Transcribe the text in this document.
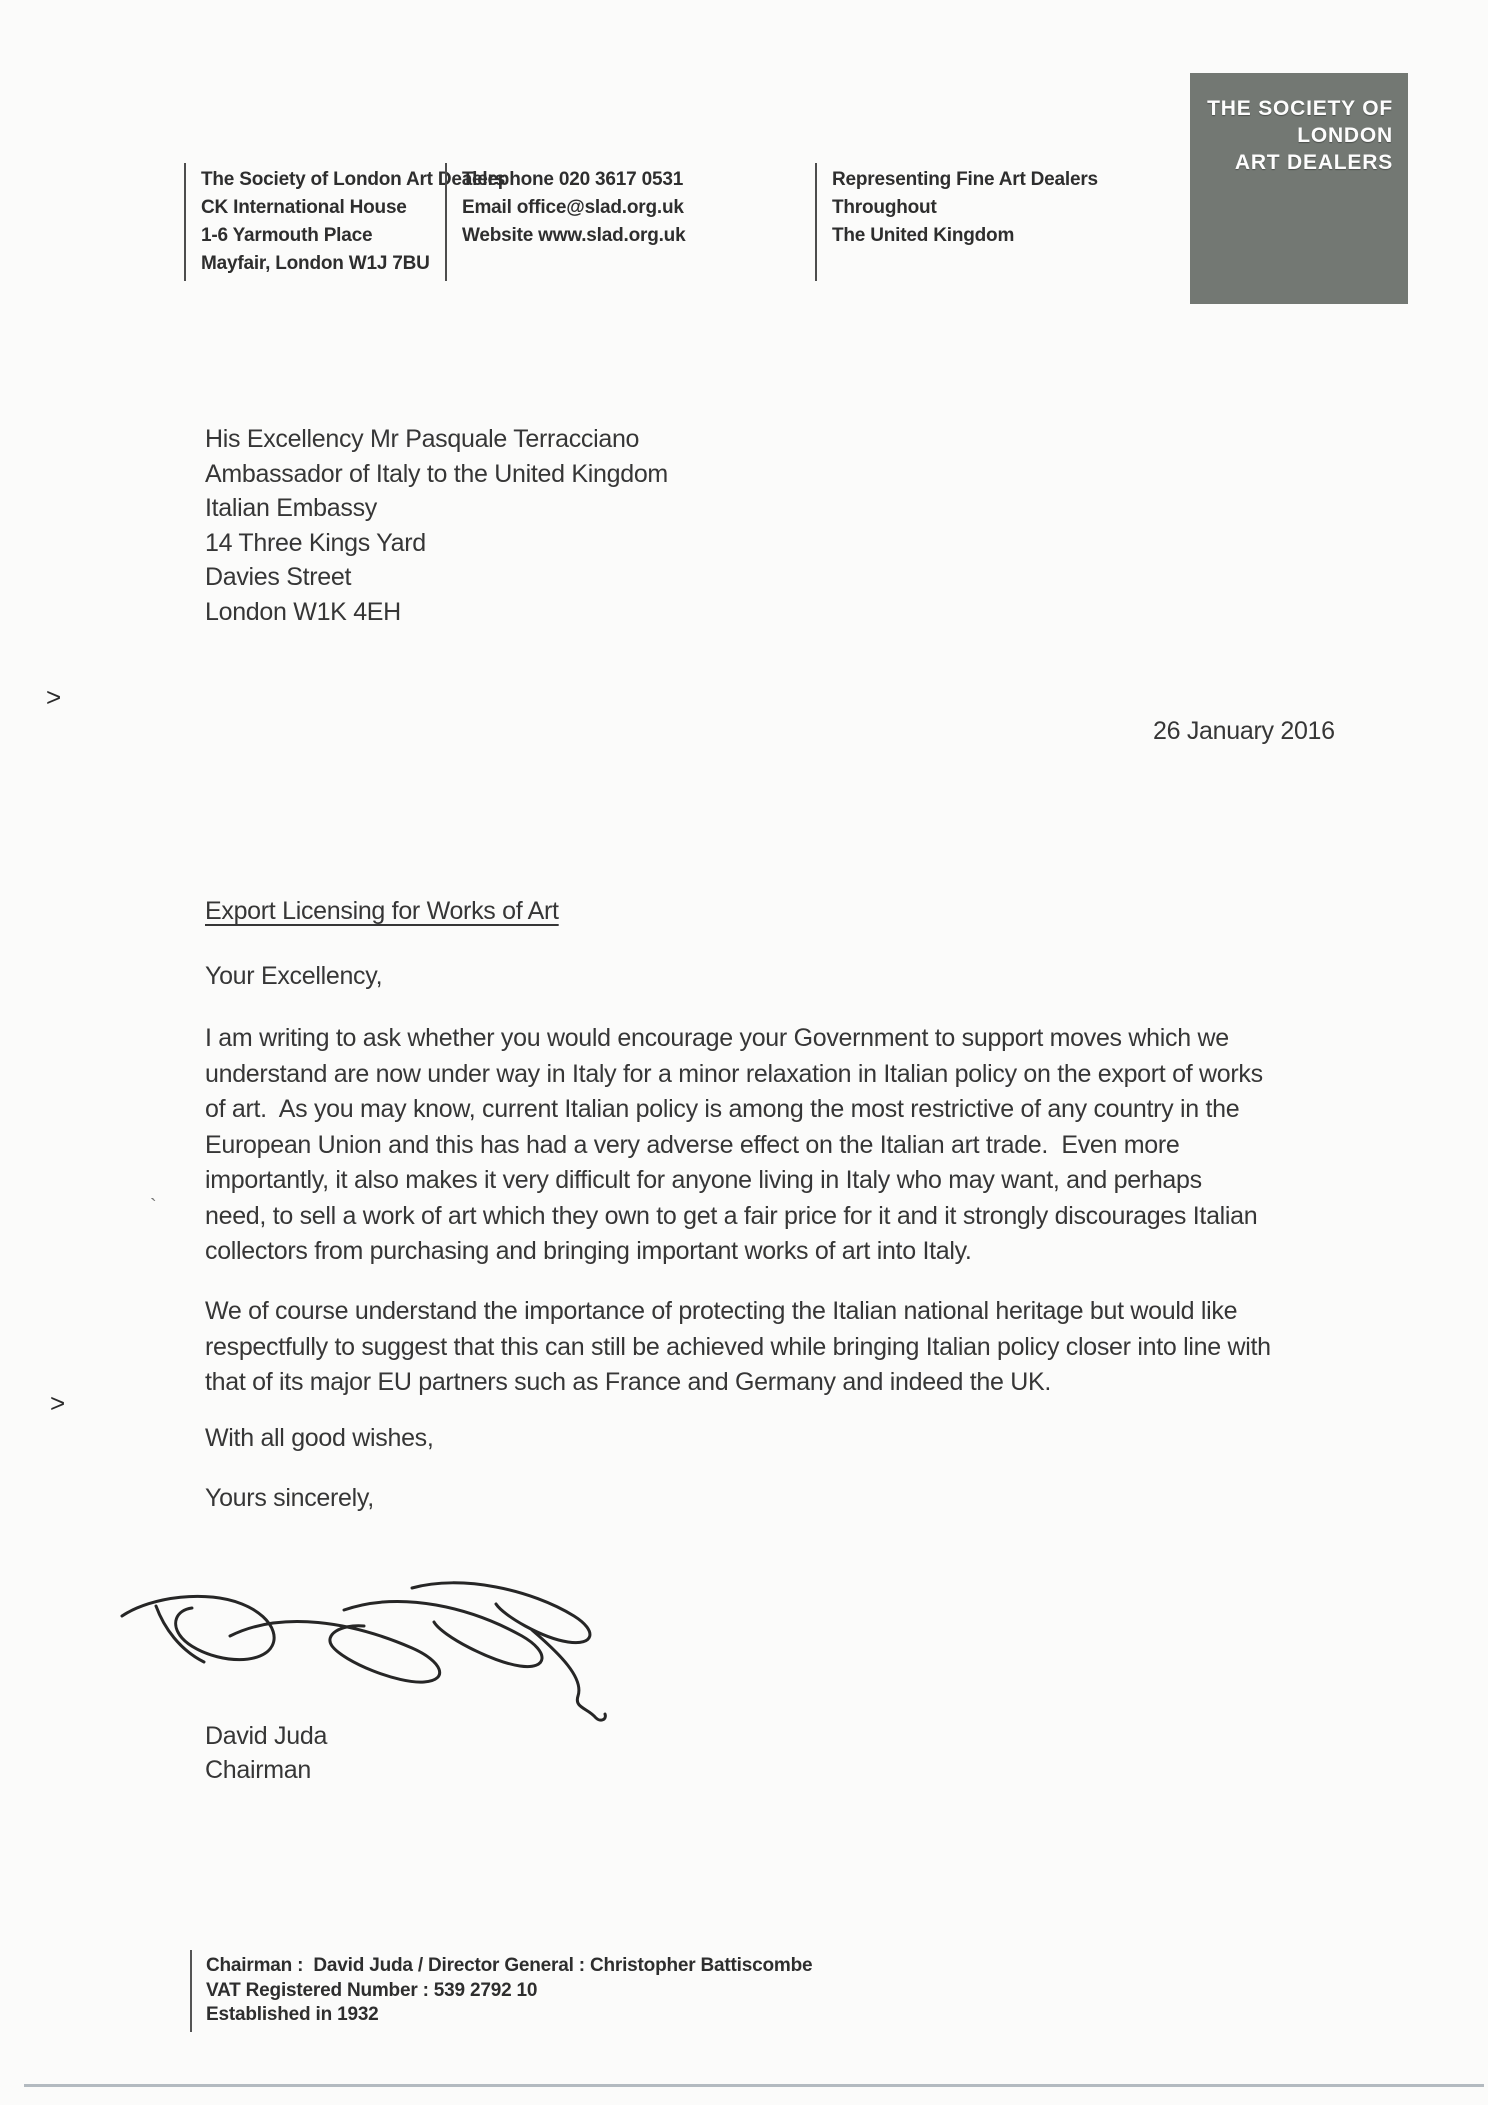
THE SOCIETY OF
LONDON
ART DEALERS
The Society of London Art Dealers
CK International House
1-6 Yarmouth Place
Mayfair, London W1J 7BU
Telephone 020 3617 0531
Email office@slad.org.uk
Website www.slad.org.uk
Representing Fine Art Dealers
Throughout
The United Kingdom
His Excellency Mr Pasquale Terracciano
Ambassador of Italy to the United Kingdom
Italian Embassy
14 Three Kings Yard
Davies Street
London W1K 4EH
>
>
`
26 January 2016
Export Licensing for Works of Art
Your Excellency,
I am writing to ask whether you would encourage your Government to support moves which we
understand are now under way in Italy for a minor relaxation in Italian policy on the export of works
of art.  As you may know, current Italian policy is among the most restrictive of any country in the
European Union and this has had a very adverse effect on the Italian art trade.  Even more
importantly, it also makes it very difficult for anyone living in Italy who may want, and perhaps
need, to sell a work of art which they own to get a fair price for it and it strongly discourages Italian
collectors from purchasing and bringing important works of art into Italy.
We of course understand the importance of protecting the Italian national heritage but would like
respectfully to suggest that this can still be achieved while bringing Italian policy closer into line with
that of its major EU partners such as France and Germany and indeed the UK.
With all good wishes,
Yours sincerely,
David Juda
Chairman
Chairman :  David Juda / Director General : Christopher Battiscombe
VAT Registered Number : 539 2792 10
Established in 1932
